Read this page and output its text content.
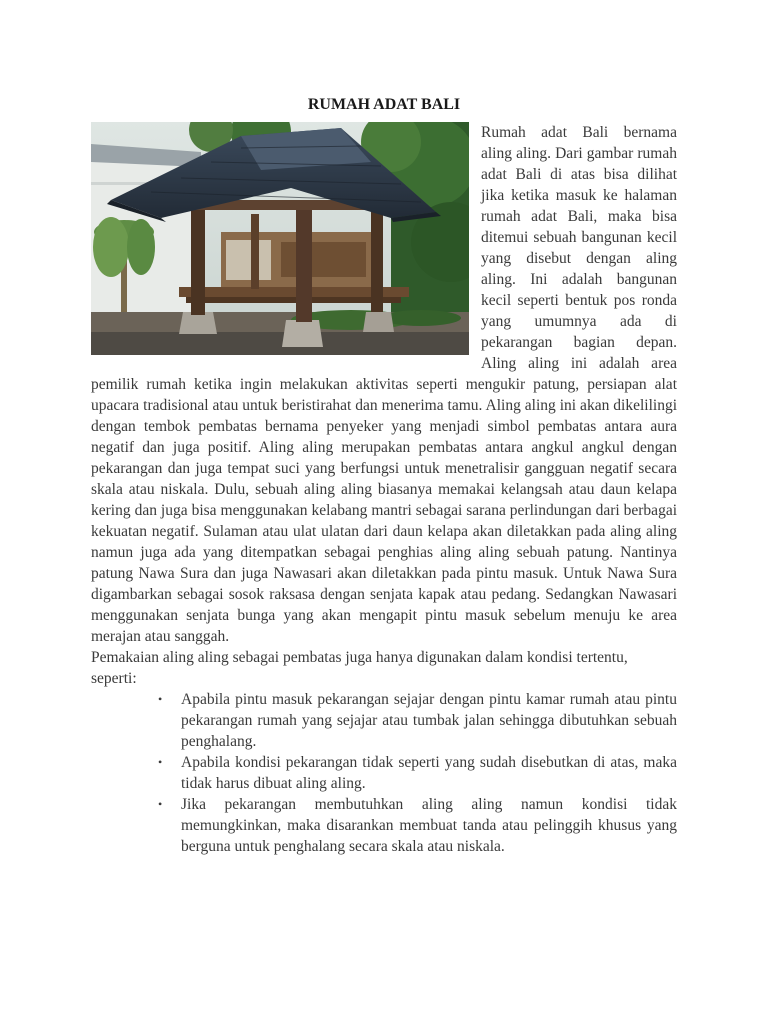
RUMAH ADAT BALI

Rumah adat Bali bernama aling aling. Dari gambar rumah adat Bali di atas bisa dilihat jika ketika masuk ke halaman rumah adat Bali, maka bisa ditemui sebuah bangunan kecil yang disebut dengan aling aling. Ini adalah bangunan kecil seperti bentuk pos ronda yang umumnya ada di pekarangan bagian depan. Aling aling ini adalah area pemilik rumah ketika ingin melakukan aktivitas seperti mengukir patung, persiapan alat upacara tradisional atau untuk beristirahat dan menerima tamu. Aling aling ini akan dikelilingi dengan tembok pembatas bernama penyeker yang menjadi simbol pembatas antara aura negatif dan juga positif. Aling aling merupakan pembatas antara angkul angkul dengan pekarangan dan juga tempat suci yang berfungsi untuk menetralisir gangguan negatif secara skala atau niskala. Dulu, sebuah aling aling biasanya memakai kelangsah atau daun kelapa kering dan juga bisa menggunakan kelabang mantri sebagai sarana perlindungan dari berbagai kekuatan negatif. Sulaman atau ulat ulatan dari daun kelapa akan diletakkan pada aling aling namun juga ada yang ditempatkan sebagai penghias aling aling sebuah patung. Nantinya patung Nawa Sura dan juga Nawasari akan diletakkan pada pintu masuk. Untuk Nawa Sura digambarkan sebagai sosok raksasa dengan senjata kapak atau pedang. Sedangkan Nawasari menggunakan senjata bunga yang akan mengapit pintu masuk sebelum menuju ke area merajan atau sanggah.

Pemakaian aling aling sebagai pembatas juga hanya digunakan dalam kondisi tertentu, seperti:

• Apabila pintu masuk pekarangan sejajar dengan pintu kamar rumah atau pintu pekarangan rumah yang sejajar atau tumbak jalan sehingga dibutuhkan sebuah penghalang.
• Apabila kondisi pekarangan tidak seperti yang sudah disebutkan di atas, maka tidak harus dibuat aling aling.
• Jika pekarangan membutuhkan aling aling namun kondisi tidak memungkinkan, maka disarankan membuat tanda atau pelinggih khusus yang berguna untuk penghalang secara skala atau niskala.
